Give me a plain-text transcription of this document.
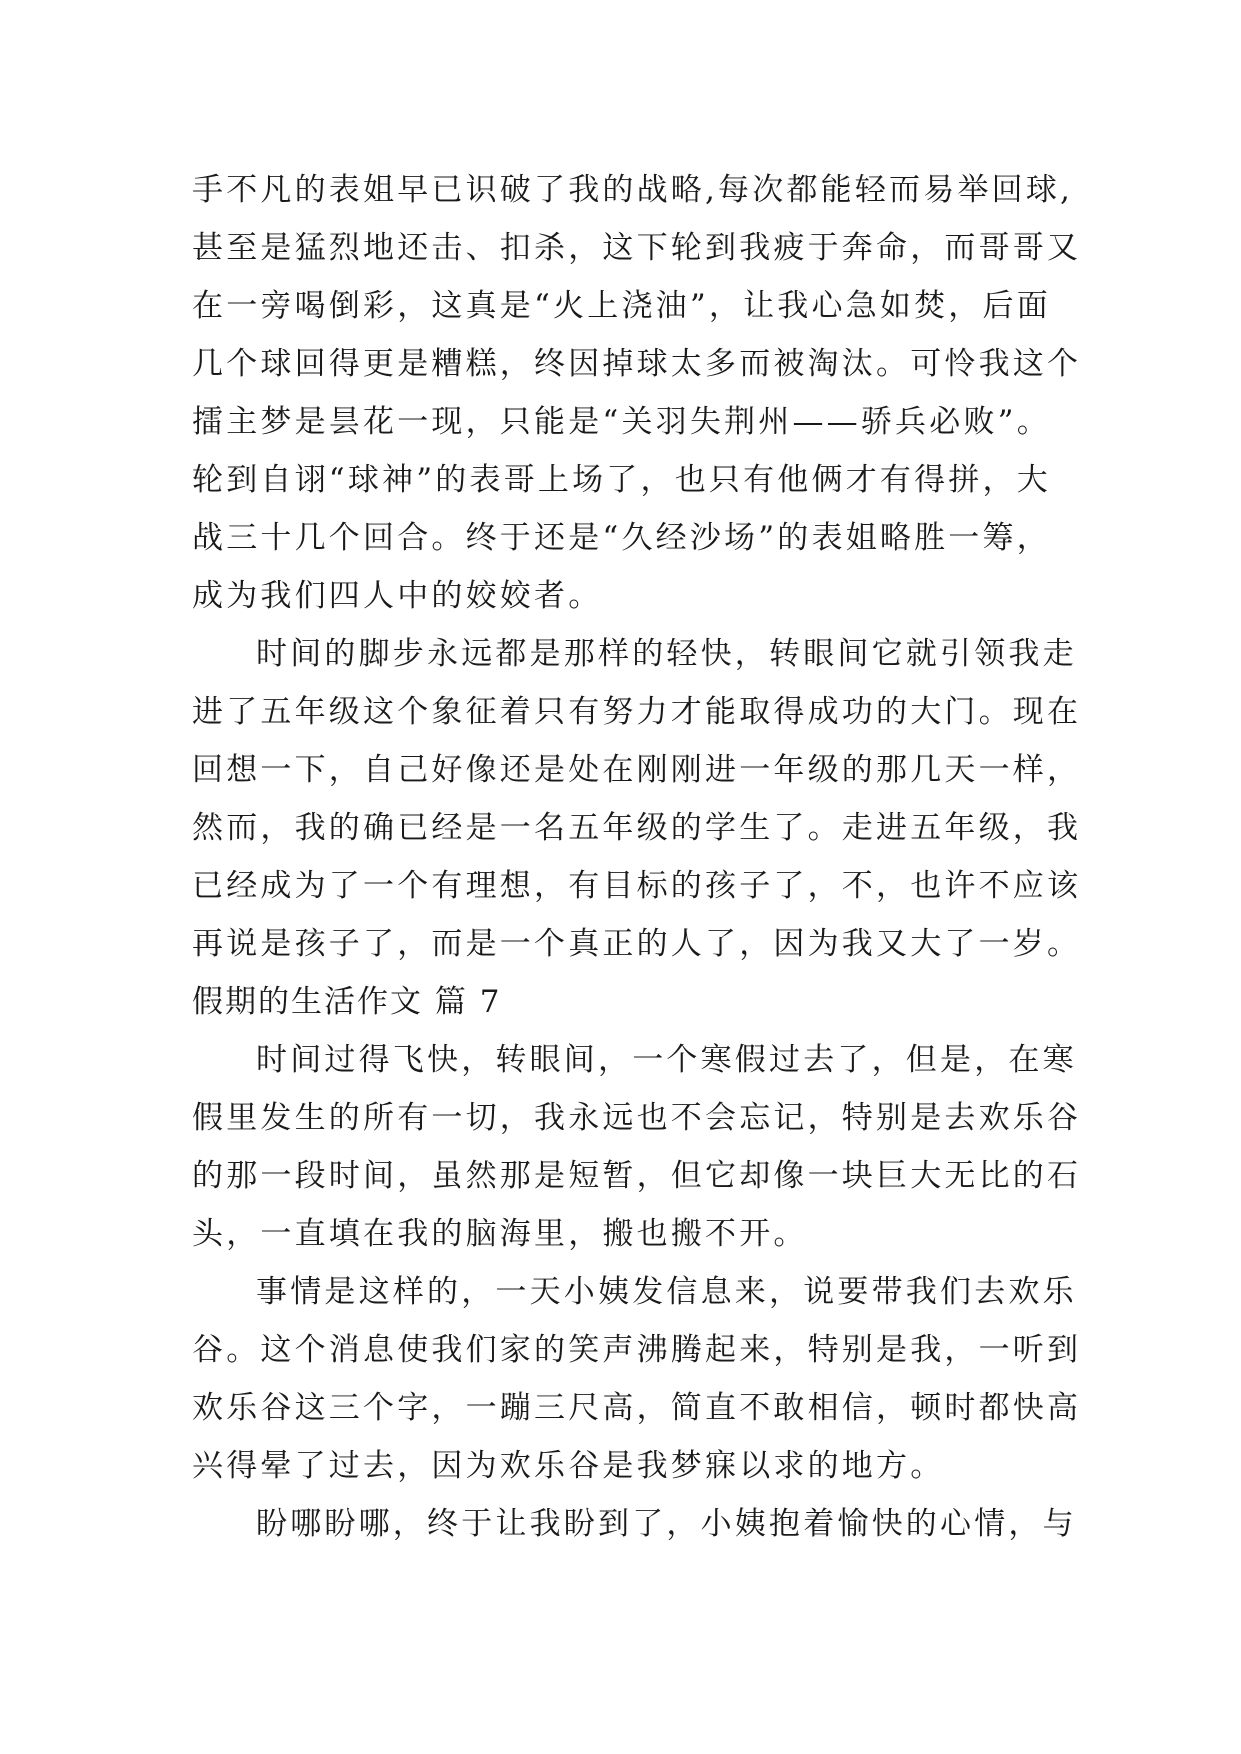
手不凡的表姐早已识破了我的战略,每次都能轻而易举回球,
甚至是猛烈地还击、扣杀，这下轮到我疲于奔命，而哥哥又
在一旁喝倒彩，这真是“火上浇油”，让我心急如焚，后面
几个球回得更是糟糕，终因掉球太多而被淘汰。可怜我这个
擂主梦是昙花一现，只能是“关羽失荆州——骄兵必败”。
轮到自诩“球神”的表哥上场了，也只有他俩才有得拼，大
战三十几个回合。终于还是“久经沙场”的表姐略胜一筹，
成为我们四人中的姣姣者。
时间的脚步永远都是那样的轻快，转眼间它就引领我走
进了五年级这个象征着只有努力才能取得成功的大门。现在
回想一下，自己好像还是处在刚刚进一年级的那几天一样，
然而，我的确已经是一名五年级的学生了。走进五年级，我
已经成为了一个有理想，有目标的孩子了，不，也许不应该
再说是孩子了，而是一个真正的人了，因为我又大了一岁。
假期的生活作文 篇 7
时间过得飞快，转眼间，一个寒假过去了，但是，在寒
假里发生的所有一切，我永远也不会忘记，特别是去欢乐谷
的那一段时间，虽然那是短暂，但它却像一块巨大无比的石
头，一直填在我的脑海里，搬也搬不开。
事情是这样的，一天小姨发信息来，说要带我们去欢乐
谷。这个消息使我们家的笑声沸腾起来，特别是我，一听到
欢乐谷这三个字，一蹦三尺高，简直不敢相信，顿时都快高
兴得晕了过去，因为欢乐谷是我梦寐以求的地方。
盼哪盼哪，终于让我盼到了，小姨抱着愉快的心情，与
